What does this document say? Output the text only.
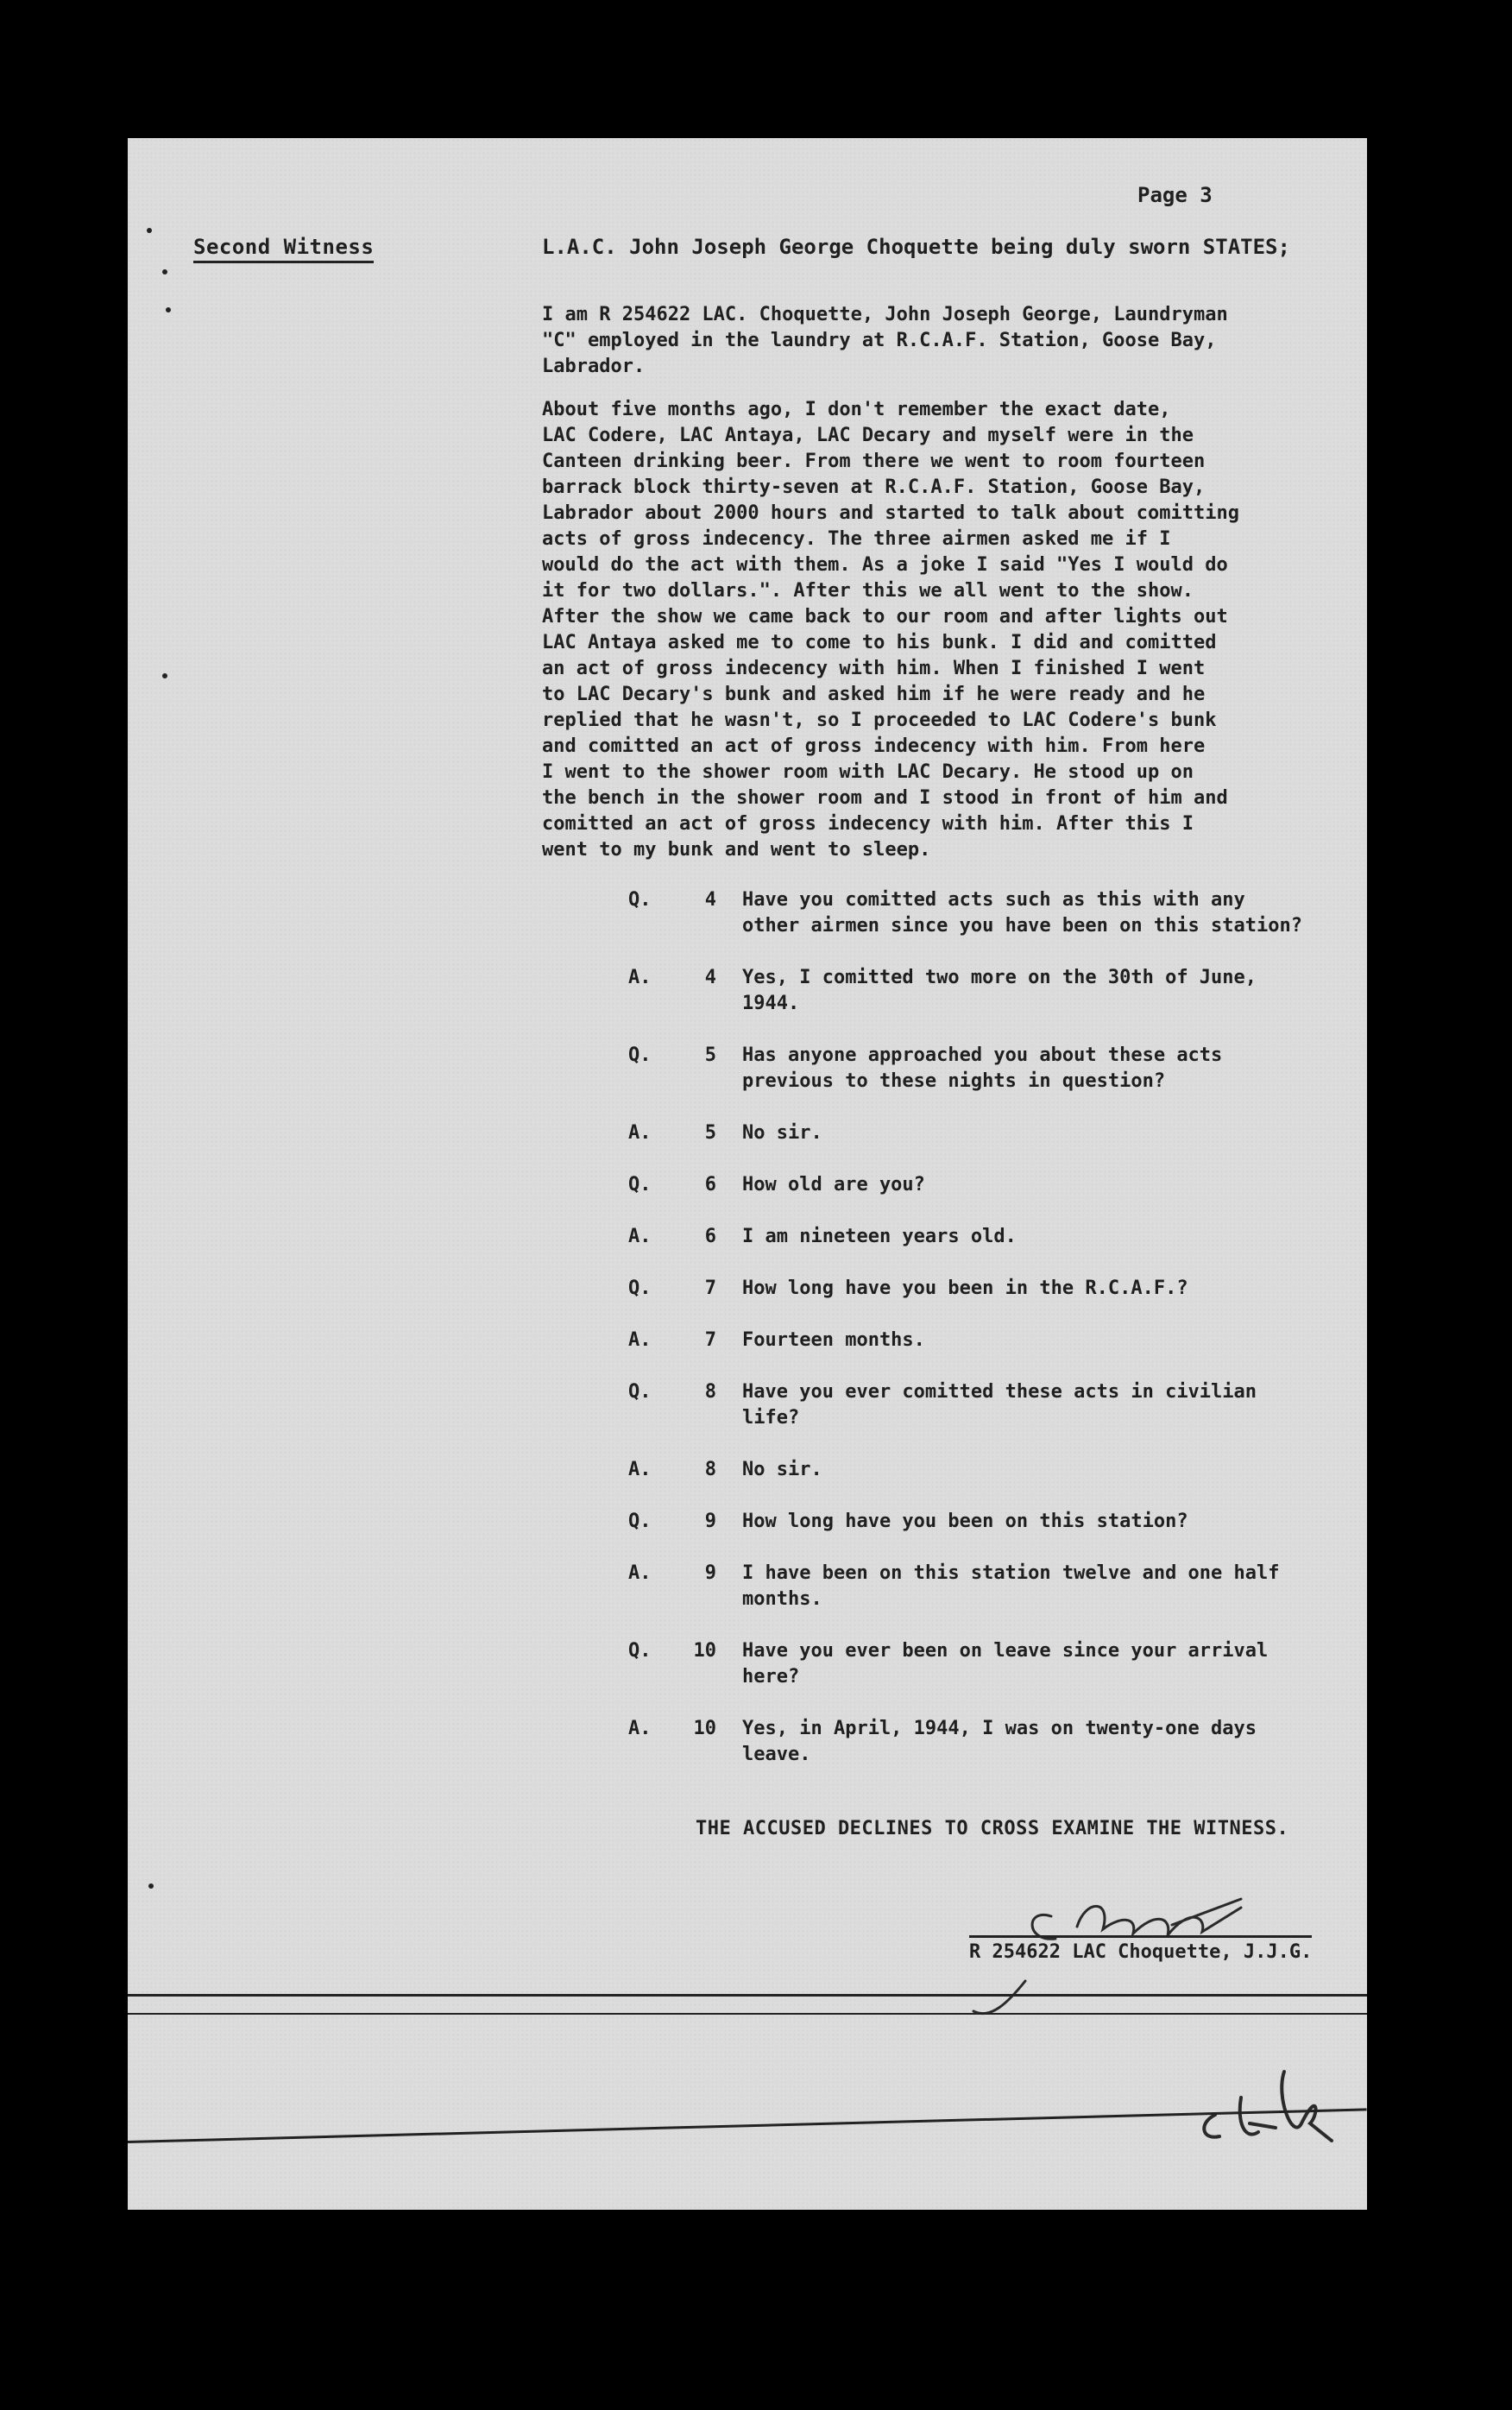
Page 3
Second Witness	L.A.C. John Joseph George Choquette being duly sworn STATES;

I am R 254622 LAC. Choquette, John Joseph George, Laundryman
"C" employed in the laundry at R.C.A.F. Station, Goose Bay,
Labrador.

About five months ago, I don't remember the exact date,
LAC Codere, LAC Antaya, LAC Decary and myself were in the
Canteen drinking beer. From there we went to room fourteen
barrack block thirty-seven at R.C.A.F. Station, Goose Bay,
Labrador about 2000 hours and started to talk about comitting
acts of gross indecency. The three airmen asked me if I
would do the act with them. As a joke I said "Yes I would do
it for two dollars.". After this we all went to the show.
After the show we came back to our room and after lights out
LAC Antaya asked me to come to his bunk. I did and comitted
an act of gross indecency with him. When I finished I went
to LAC Decary's bunk and asked him if he were ready and he
replied that he wasn't, so I proceeded to LAC Codere's bunk
and comitted an act of gross indecency with him. From here
I went to the shower room with LAC Decary. He stood up on
the bench in the shower room and I stood in front of him and
comitted an act of gross indecency with him. After this I
went to my bunk and went to sleep.

Q.	4	Have you comitted acts such as this with any
other airmen since you have been on this station?
A.	4	Yes, I comitted two more on the 30th of June,
1944.
Q.	5	Has anyone approached you about these acts
previous to these nights in question?
A.	5	No sir.
Q.	6	How old are you?
A.	6	I am nineteen years old.
Q.	7	How long have you been in the R.C.A.F.?
A.	7	Fourteen months.
Q.	8	Have you ever comitted these acts in civilian
life?
A.	8	No sir.
Q.	9	How long have you been on this station?
A.	9	I have been on this station twelve and one half
months.
Q.	10	Have you ever been on leave since your arrival
here?
A.	10	Yes, in April, 1944, I was on twenty-one days
leave.
THE ACCUSED DECLINES TO CROSS EXAMINE THE WITNESS.
R 254622 LAC Choquette, J.J.G.
